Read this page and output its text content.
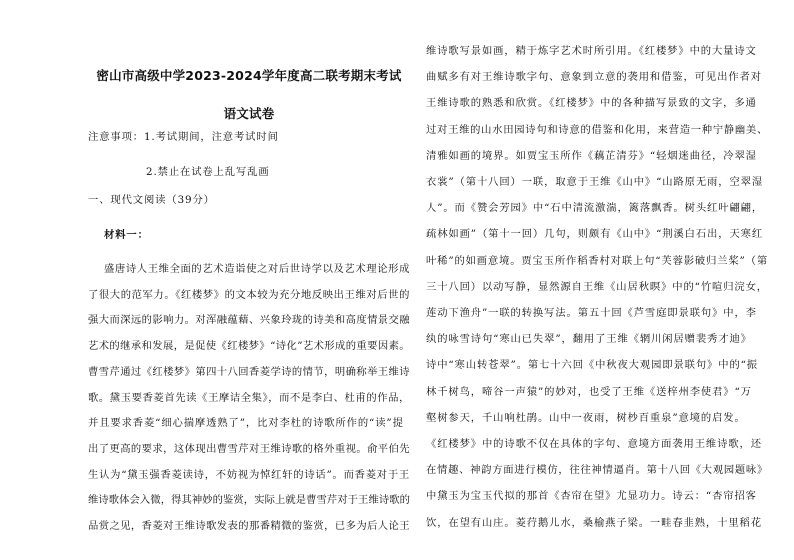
密山市高级中学2023-2024学年度高二联考期末考试
语文试卷
注意事项：1.考试期间，注意考试时间
2.禁止在试卷上乱写乱画
一、现代文阅读（39分）
材料一：
盛唐诗人王维全面的艺术造诣使之对后世诗学以及艺术理论形成
了很大的范军力。《红楼梦》的文本较为充分地反映出王维对后世的
强大而深远的影响力。对浑融蕴藉、兴象玲珑的诗美和高度情景交融
艺术的继承和发展，是促使《红楼梦》“诗化”艺术形成的重要因素。
曹雪芹通过《红楼梦》第四十八回香菱学诗的情节，明确称举王维诗
歌。黛玉要香菱首先读《王摩诘全集》，而不是李白、杜甫的作品，
并且要求香菱“细心揣摩透熟了”，比对李杜的诗歌所作的“读”提
出了更高的要求，这体现出曹雪芹对王维诗歌的格外重视。俞平伯先
生认为“黛玉强香菱读诗，不妨视为悼红轩的诗话”。而香菱对于王
维诗歌体会入微，得其神妙的鉴赏，实际上就是曹雪芹对于王维诗歌的
品赏之见，香菱对王维诗歌发表的那番精微的鉴赏，已多为后人论王
维诗歌写景如画，精于炼字艺术时所引用。《红楼梦》中的大量诗文
曲赋多有对王维诗歌字句、意象到立意的袭用和借鉴，可见出作者对
王维诗歌的熟悉和欣赏。《红楼梦》中的各种描写景致的文字，多通
过对王维的山水田园诗句和诗意的借鉴和化用，来营造一种宁静幽美、
清雅如画的境界。如贾宝玉所作《藕芷清芬》“轻烟迷曲径，冷翠湿
衣裳”（第十八回）一联，取意于王维《山中》“山路原无雨，空翠湿
人”。而《赞会芳园》中“石中清流激湍，篱落飘香。树头红叶翩翩，
疏林如画”（第十一回）几句，则颇有《山中》“荆溪白石出，天寒红
叶稀”的如画意境。贾宝玉所作稻香村对联上句“芙蓉影破归兰桨”（第
三十八回）以动写静，显然源自王维《山居秋暝》中的“竹喧归浣女，
莲动下渔舟”一联的转换写法。第五十回《芦雪庭即景联句》中，李
纨的咏雪诗句“寒山已失翠”，翻用了王维《辋川闲居赠裴秀才迪》
诗中“寒山转苍翠”。第七十六回《中秋夜大观园即景联句》中的“振
林千树鸟，啼谷一声猿”的妙对，也受了王维《送梓州李使君》“万
壑树参天，千山响杜鹃。山中一夜雨，树杪百重泉”意境的启发。
《红楼梦》中的诗歌不仅在具体的字句、意境方面袭用王维诗歌，还
在情趣、神韵方面进行模仿，往往神情逼肖。第十八回《大观园题咏》
中黛玉为宝玉代拟的那首《杏帘在望》尤显功力。诗云：“杏帘招客
饮，在望有山庄。菱荇鹅儿水，桑榆燕子梁。一畦春韭熟，十里稻花
